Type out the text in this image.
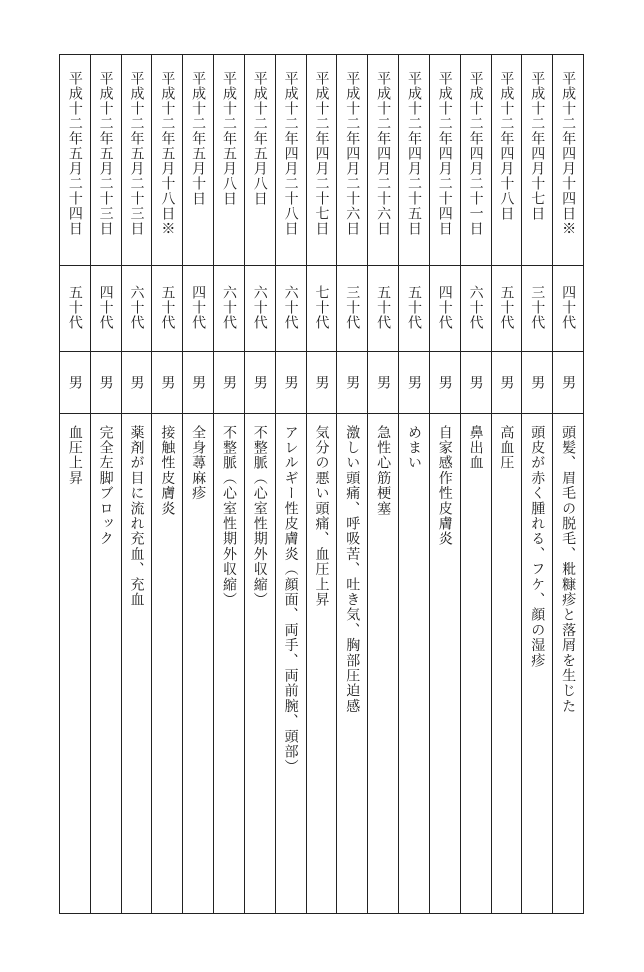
平成十二年四月十四日※
四十代
男
頭髪、眉毛の脱毛、粃糠疹と落屑を生じた
平成十二年四月十七日
三十代
男
頭皮が赤く腫れる、フケ、顔の湿疹
平成十二年四月十八日
五十代
男
高血圧
平成十二年四月二十一日
六十代
男
鼻出血
平成十二年四月二十四日
四十代
男
自家感作性皮膚炎
平成十二年四月二十五日
五十代
男
めまい
平成十二年四月二十六日
五十代
男
急性心筋梗塞
平成十二年四月二十六日
三十代
男
激しい頭痛、呼吸苦、吐き気、胸部圧迫感
平成十二年四月二十七日
七十代
男
気分の悪い頭痛、血圧上昇
平成十二年四月二十八日
六十代
男
アレルギー性皮膚炎（顔面、両手、両前腕、頭部）
平成十二年五月八日
六十代
男
不整脈（心室性期外収縮）
平成十二年五月八日
六十代
男
不整脈（心室性期外収縮）
平成十二年五月十日
四十代
男
全身蕁麻疹
平成十二年五月十八日※
五十代
男
接触性皮膚炎
平成十二年五月二十三日
六十代
男
薬剤が目に流れ充血、充血
平成十二年五月二十三日
四十代
男
完全左脚ブロック
平成十二年五月二十四日
五十代
男
血圧上昇
